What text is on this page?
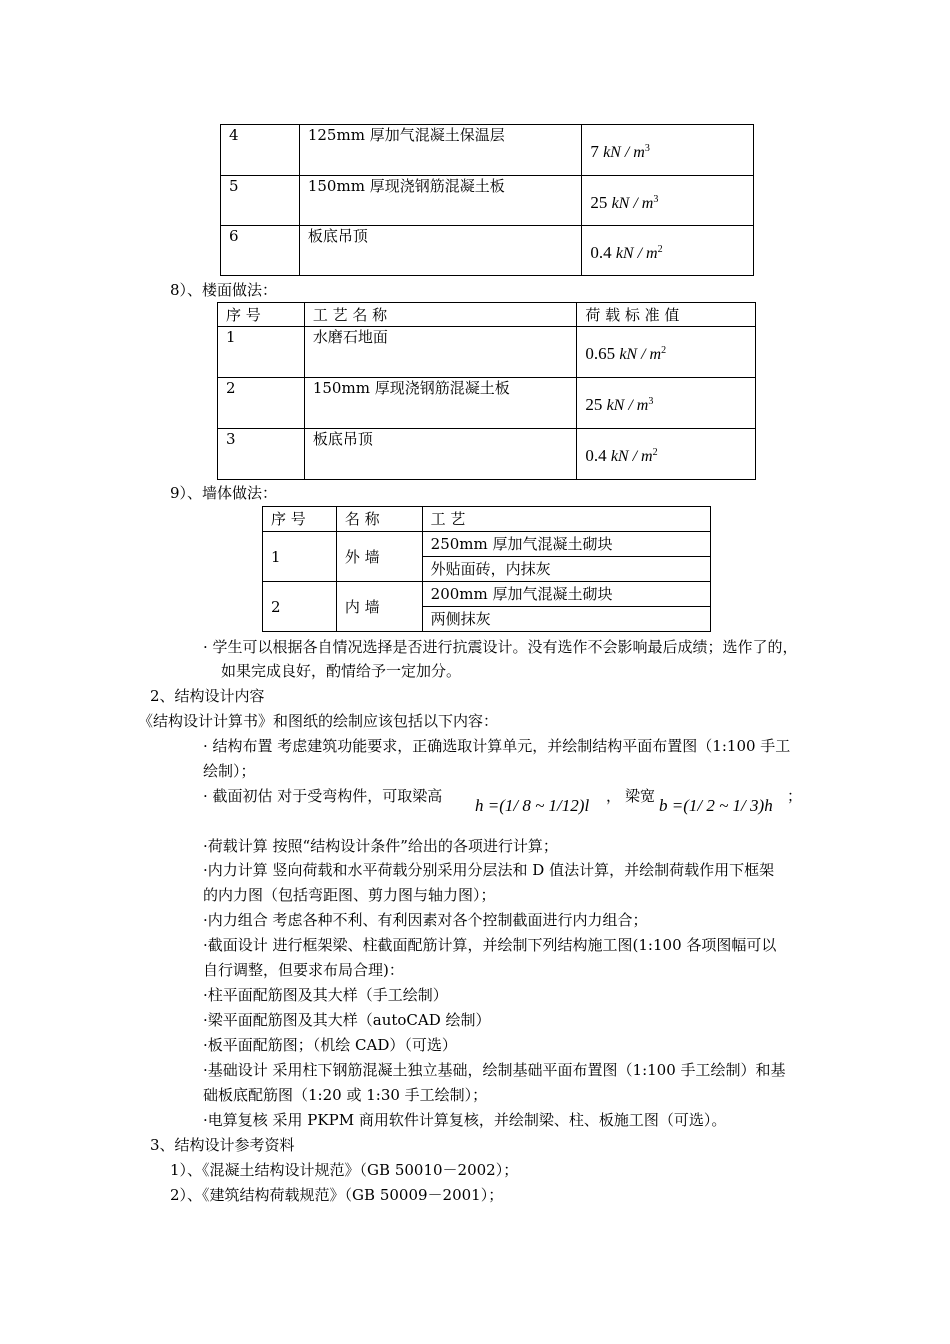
4	125mm 厚加气混凝土保温层	7 kN / $m^3$
5	150mm 厚现浇钢筋混凝土板	25 kN / $m^3$
6	板底吊顶	0.4 kN / $m^2$
8）、楼面做法：
序 号	工 艺 名 称	荷 载 标 准 值
1	水磨石地面	0.65 kN / $m^2$
2	150mm 厚现浇钢筋混凝土板	25 kN / $m^3$
3	板底吊顶	0.4 kN / $m^2$
9）、墙体做法：
序 号	名 称	工 艺
1	外 墙	250mm 厚加气混凝土砌块
		外贴面砖，内抹灰
2	内 墙	200mm 厚加气混凝土砌块
		两侧抹灰
· 学生可以根据各自情况选择是否进行抗震设计。没有选作不会影响最后成绩；选作了的，
如果完成良好，酌情给予一定加分。
2、结构设计内容
《结构设计计算书》和图纸的绘制应该包括以下内容：
· 结构布置 考虑建筑功能要求，正确选取计算单元，并绘制结构平面布置图（1:100 手工
绘制）；
· 截面初估 对于受弯构件，可取梁高 h =(1/ 8 ~ 1/12)l ， 梁宽 b =(1/ 2 ~ 1/ 3)h ；
·荷载计算 按照“结构设计条件”给出的各项进行计算；
·内力计算 竖向荷载和水平荷载分别采用分层法和 D 值法计算，并绘制荷载作用下框架
的内力图（包括弯距图、剪力图与轴力图）；
·内力组合 考虑各种不利、有利因素对各个控制截面进行内力组合；
·截面设计 进行框架梁、柱截面配筋计算，并绘制下列结构施工图(1:100 各项图幅可以
自行调整，但要求布局合理)：
·柱平面配筋图及其大样（手工绘制）
·梁平面配筋图及其大样（autoCAD 绘制）
·板平面配筋图；（机绘 CAD）（可选）
·基础设计 采用柱下钢筋混凝土独立基础，绘制基础平面布置图（1:100 手工绘制）和基
础板底配筋图（1:20 或 1:30 手工绘制）；
·电算复核 采用 PKPM 商用软件计算复核，并绘制梁、柱、板施工图（可选）。
3、结构设计参考资料
1）、《混凝土结构设计规范》（GB 50010－2002）；
2）、《建筑结构荷载规范》（GB 50009－2001）；
